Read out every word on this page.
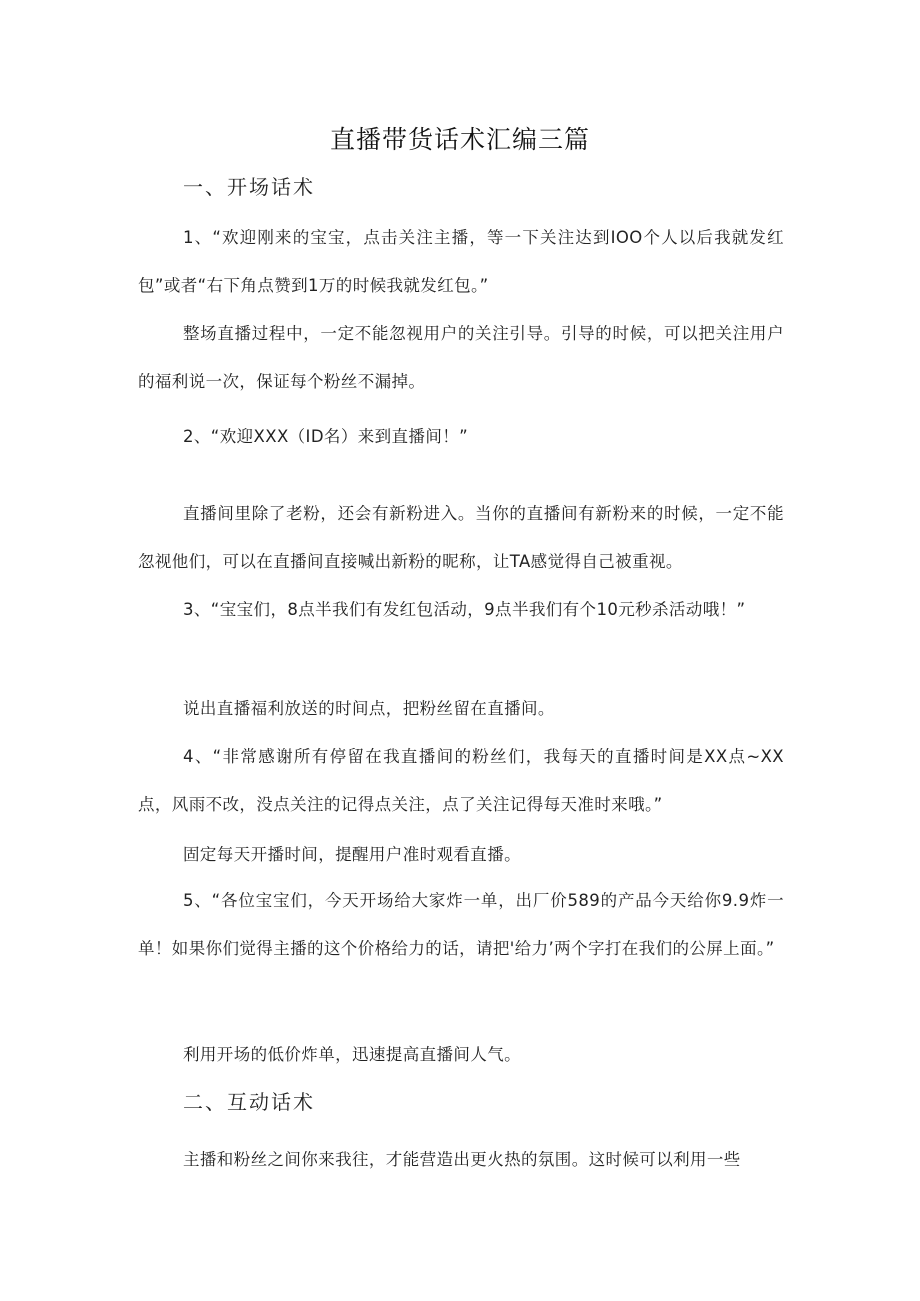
直播带货话术汇编三篇
一、开场话术
1、“欢迎刚来的宝宝，点击关注主播，等一下关注达到IOO个人以后我就发红包”或者“右下角点赞到1万的时候我就发红包。”
整场直播过程中，一定不能忽视用户的关注引导。引导的时候，可以把关注用户的福利说一次，保证每个粉丝不漏掉。
2、“欢迎XXX（ID名）来到直播间！”
直播间里除了老粉，还会有新粉进入。当你的直播间有新粉来的时候，一定不能忽视他们，可以在直播间直接喊出新粉的昵称，让TA感觉得自己被重视。
3、“宝宝们，8点半我们有发红包活动，9点半我们有个10元秒杀活动哦！”
说出直播福利放送的时间点，把粉丝留在直播间。
4、“非常感谢所有停留在我直播间的粉丝们，我每天的直播时间是XX点~XX点，风雨不改，没点关注的记得点关注，点了关注记得每天准时来哦。”
固定每天开播时间，提醒用户准时观看直播。
5、“各位宝宝们，今天开场给大家炸一单，出厂价589的产品今天给你9.9炸一单！如果你们觉得主播的这个价格给力的话，请把'给力’两个字打在我们的公屏上面。”
利用开场的低价炸单，迅速提高直播间人气。
二、互动话术
主播和粉丝之间你来我往，才能营造出更火热的氛围。这时候可以利用一些
